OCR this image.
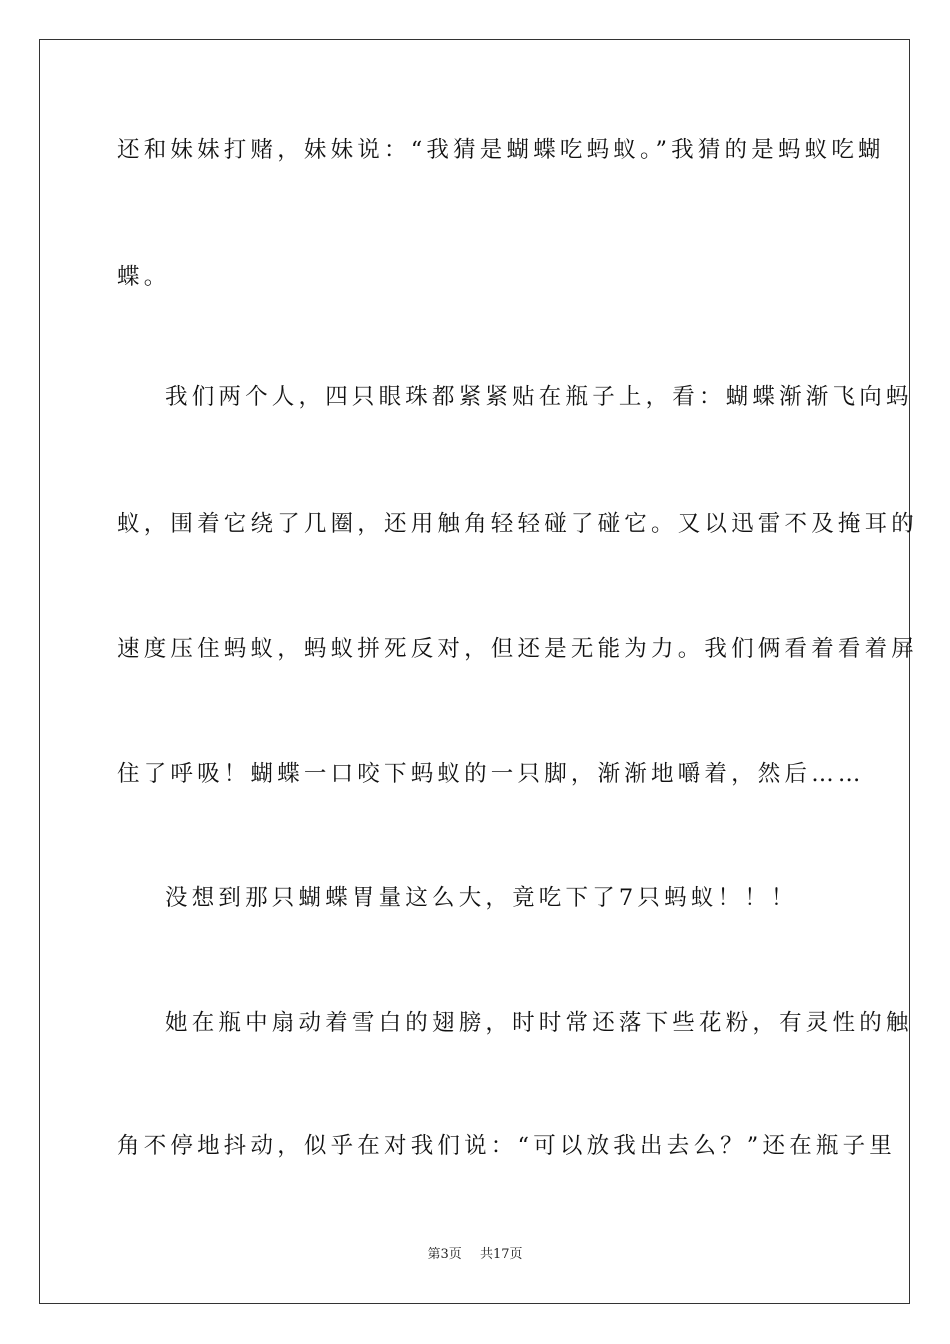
还和妹妹打赌，妹妹说：“我猜是蝴蝶吃蚂蚁。”我猜的是蚂蚁吃蝴
蝶。
我们两个人，四只眼珠都紧紧贴在瓶子上，看：蝴蝶渐渐飞向蚂
蚁，围着它绕了几圈，还用触角轻轻碰了碰它。又以迅雷不及掩耳的
速度压住蚂蚁，蚂蚁拼死反对，但还是无能为力。我们俩看着看着屏
住了呼吸！蝴蝶一口咬下蚂蚁的一只脚，渐渐地嚼着，然后……
没想到那只蝴蝶胃量这么大，竟吃下了7只蚂蚁！！！
她在瓶中扇动着雪白的翅膀，时时常还落下些花粉，有灵性的触
角不停地抖动，似乎在对我们说：“可以放我出去么？”还在瓶子里
第3页 共17页
